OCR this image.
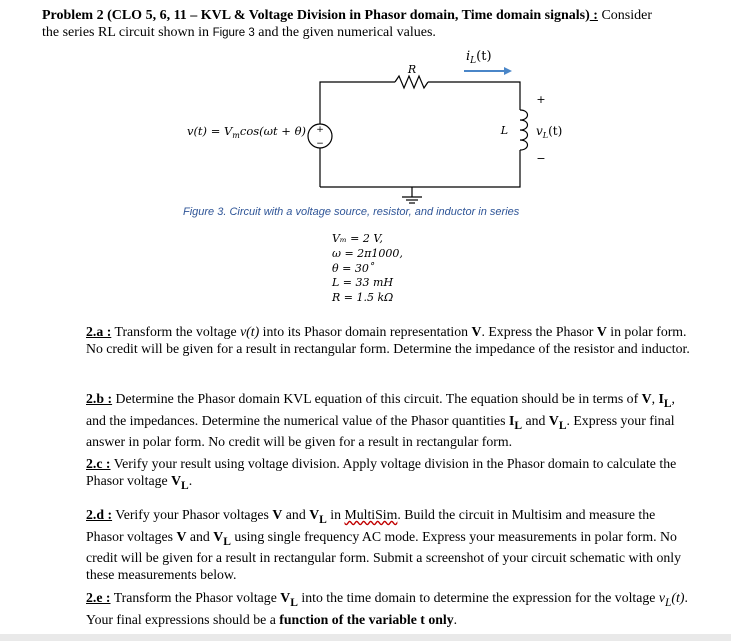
Problem 2 (CLO 5, 6, 11 – KVL & Voltage Division in Phasor domain, Time domain signals) : Consider
the series RL circuit shown in Figure 3 and the given numerical values.
+
−
$i_L(t)$
R
L
+
−
$v_L(t)$
$v(t) = V_m\cos(\omega t + \theta)$
Figure 3. Circuit with a voltage source, resistor, and inductor in series
Vₘ = 2 V,
ω = 2π1000,
θ = 30˚
L = 33 mH
R = 1.5 kΩ
2.a : Transform the voltage v(t) into its Phasor domain representation V. Express the Phasor V in polar form. No credit will be given for a result in rectangular form. Determine the impedance of the resistor and inductor.
2.b : Determine the Phasor domain KVL equation of this circuit. The equation should be in terms of V, $I_L$, and the impedances. Determine the numerical value of the Phasor quantities $I_L$ and $V_L$. Express your final answer in polar form. No credit will be given for a result in rectangular form.
2.c : Verify your result using voltage division. Apply voltage division in the Phasor domain to calculate the Phasor voltage $V_L$.
2.d : Verify your Phasor voltages V and $V_L$ in MultiSim. Build the circuit in Multisim and measure the Phasor voltages V and $V_L$ using single frequency AC mode. Express your measurements in polar form. No credit will be given for a result in rectangular form. Submit a screenshot of your circuit schematic with only these measurements below.
2.e : Transform the Phasor voltage $V_L$ into the time domain to determine the expression for the voltage $v_L(t)$. Your final expressions should be a function of the variable t only.
